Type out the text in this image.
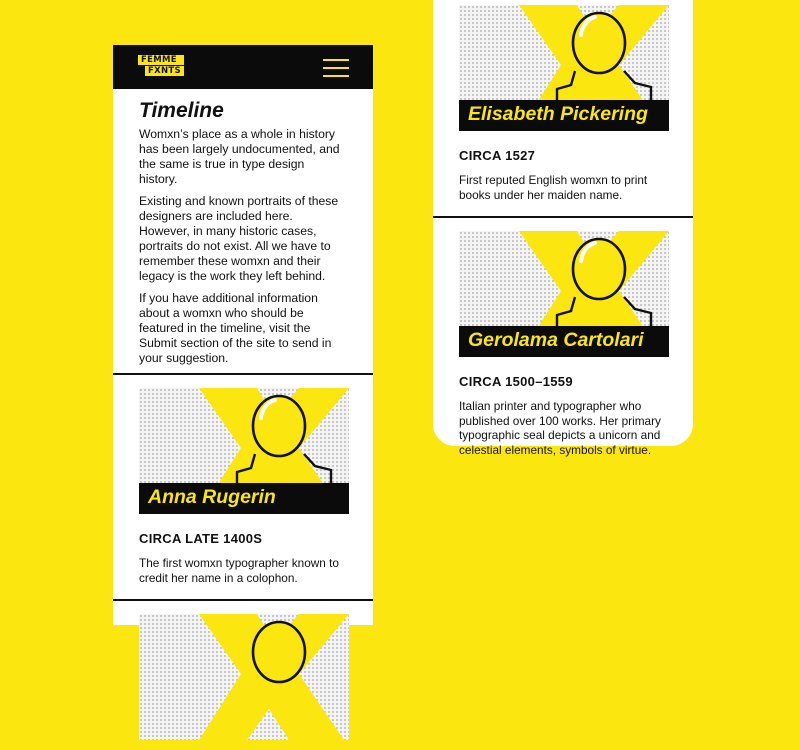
FEMME
FXNTS
Timeline

Womxn’s place as a whole in history has been largely undocumented, and the same is true in type design history.

Existing and known portraits of these designers are included here. However, in many historic cases, portraits do not exist. All we have to remember these womxn and their legacy is the work they left behind.

If you have additional information about a womxn who should be featured in the timeline, visit the Submit section of the site to send in your suggestion.

Anna Rugerin
CIRCA LATE 1400S

The first womxn typographer known to credit her name in a colophon.

Elisabeth Pickering
CIRCA 1527

First reputed English womxn to print books under her maiden name.

Gerolama Cartolari
CIRCA 1500–1559

Italian printer and typographer who published over 100 works. Her primary typographic seal depicts a unicorn and celestial elements, symbols of virtue.
